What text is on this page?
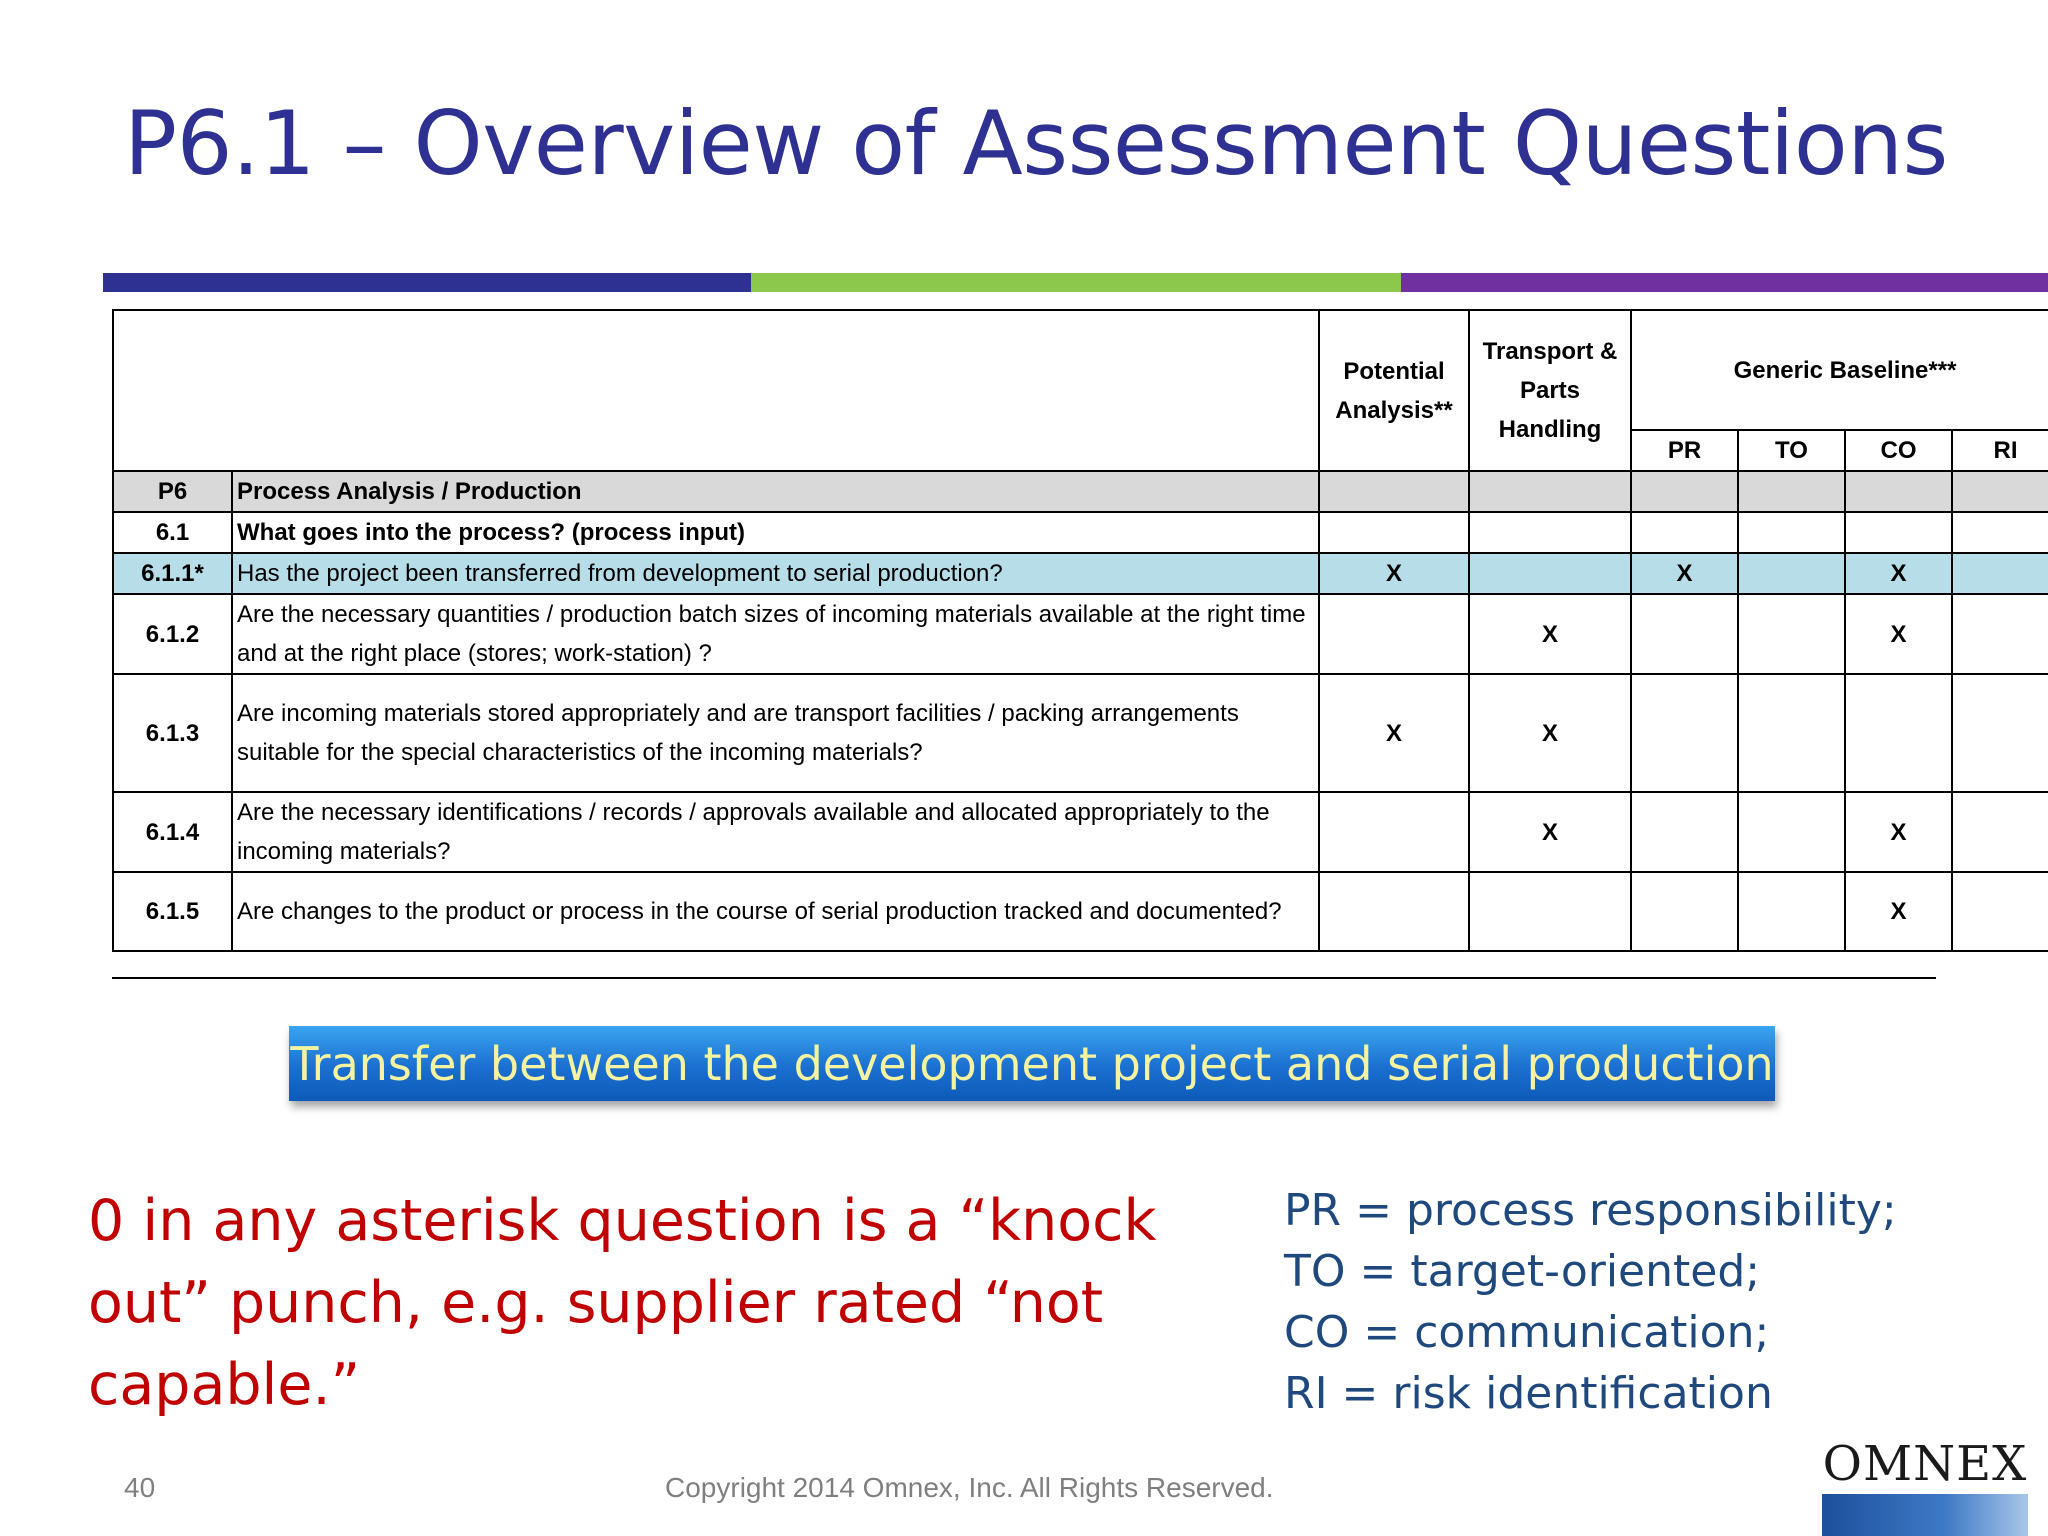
P6.1 – Overview of Assessment Questions
		Potential Analysis**	Transport & Parts Handling	Generic Baseline***			
				PR	TO	CO	RI
P6	Process Analysis / Production						
6.1	What goes into the process? (process input)						
6.1.1*	Has the project been transferred from development to serial production?	X		X		X	
6.1.2	Are the necessary quantities / production batch sizes of incoming materials available at the right time and at the right place (stores; work-station) ?		X			X	
6.1.3	Are incoming materials stored appropriately and are transport facilities / packing arrangements suitable for the special characteristics of the incoming materials?	X	X				
6.1.4	Are the necessary identifications / records / approvals available and allocated appropriately to the incoming materials?		X			X	
6.1.5	Are changes to the product or process in the course of serial production tracked and documented?					X	
Transfer between the development project and serial production
0 in any asterisk question is a “knock out” punch, e.g. supplier rated “not capable.”
PR = process responsibility;
TO = target-oriented;
CO = communication;
RI = risk identification
40	Copyright 2014 Omnex, Inc. All Rights Reserved.	OMNEX
